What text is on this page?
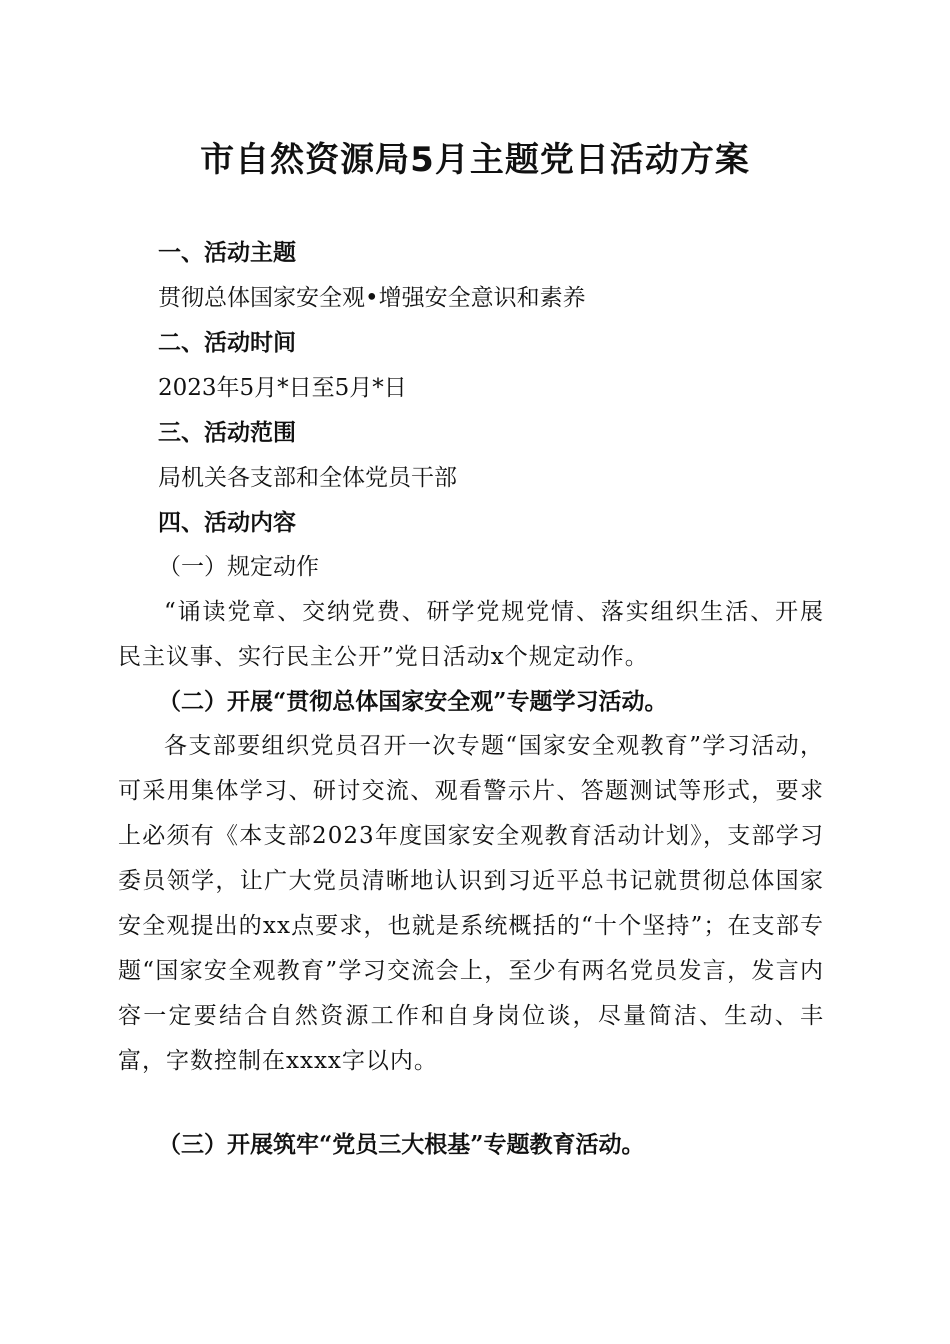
市自然资源局5月主题党日活动方案
一、活动主题
贯彻总体国家安全观•增强安全意识和素养
二、活动时间
2023年5月*日至5月*日
三、活动范围
局机关各支部和全体党员干部
四、活动内容
（一）规定动作
“诵读党章、交纳党费、研学党规党情、落实组织生活、开展民主议事、实行民主公开”党日活动x个规定动作。
（二）开展“贯彻总体国家安全观”专题学习活动。
各支部要组织党员召开一次专题“国家安全观教育”学习活动，可采用集体学习、研讨交流、观看警示片、答题测试等形式，要求上必须有《本支部2023年度国家安全观教育活动计划》，支部学习委员领学，让广大党员清晰地认识到习近平总书记就贯彻总体国家安全观提出的xx点要求，也就是系统概括的“十个坚持”；在支部专题“国家安全观教育”学习交流会上，至少有两名党员发言，发言内容一定要结合自然资源工作和自身岗位谈，尽量简洁、生动、丰富，字数控制在xxxx字以内。
（三）开展筑牢“党员三大根基”专题教育活动。
